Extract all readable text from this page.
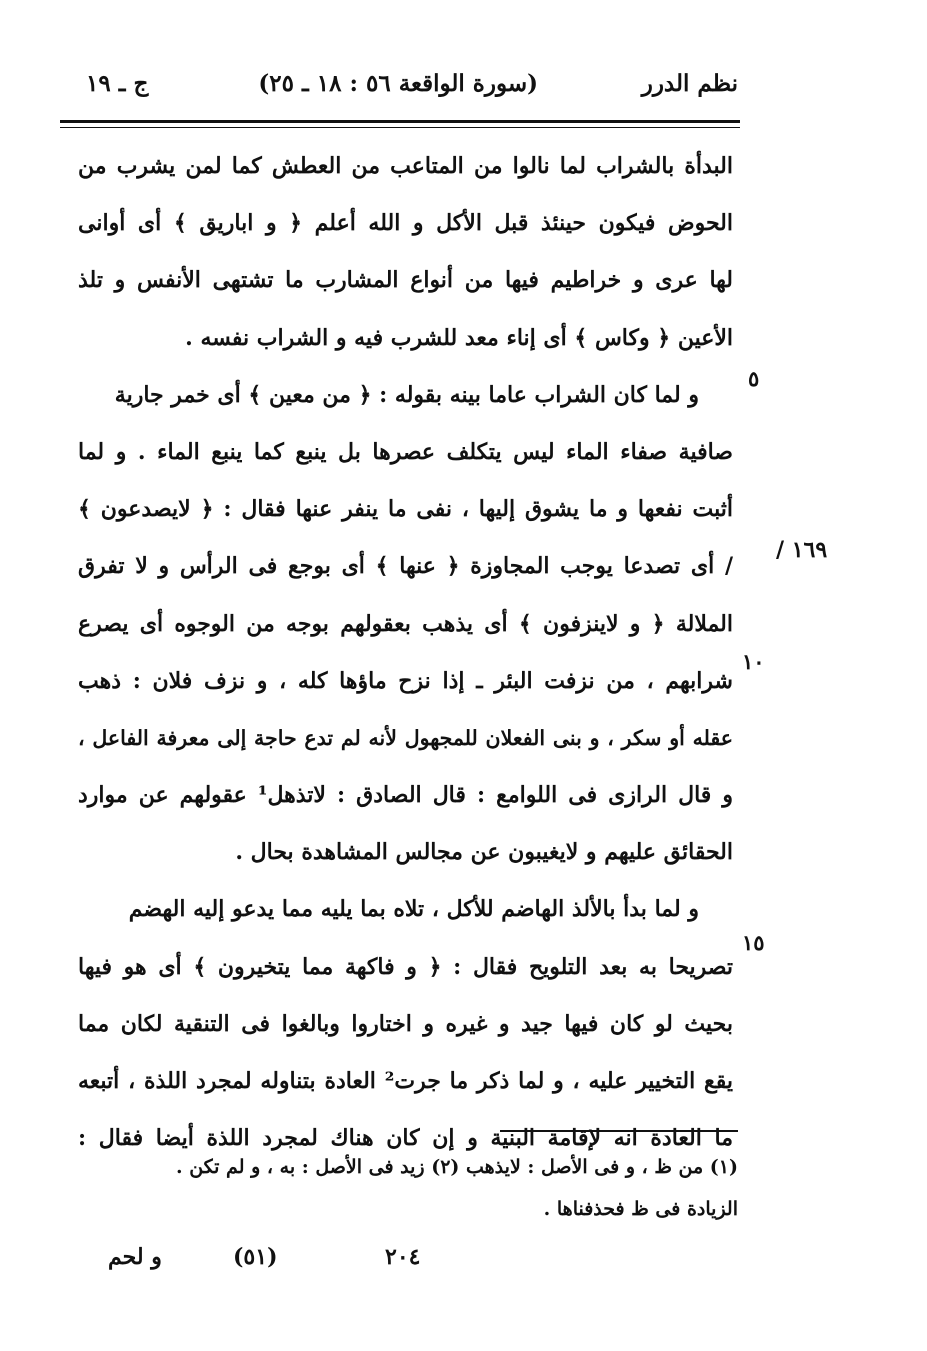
نظم الدرر
(سورة الواقعة ٥٦ : ١٨ ـ ٢٥)
ج ـ ١٩
٥
١٠
١٥
١٦٩ /
البدأة بالشراب لما نالوا من المتاعب من العطش كما لمن يشرب من
الحوض فيكون حينئذ قبل الأكل و الله أعلم ﴿ و اباريق ﴾ أى أوانى
لها عرى و خراطيم فيها من أنواع المشارب ما تشتهى الأنفس و تلذ
الأعين ﴿ وكاس ﴾ أى إناء معد للشرب فيه و الشراب نفسه .
و لما كان الشراب عاما بينه بقوله : ﴿ من معين ﴾ أى خمر جارية
صافية صفاء الماء ليس يتكلف عصرها بل ينبع كما ينبع الماء . و لما
أثبت نفعها و ما يشوق إليها ، نفى ما ينفر عنها فقال : ﴿ لايصدعون ﴾
/ أى تصدعا يوجب المجاوزة ﴿ عنها ﴾ أى بوجع فى الرأس و لا تفرق
الملالة ﴿ و لاينزفون ﴾ أى يذهب بعقولهم بوجه من الوجوه أى يصرع
شرابهم ، من نزفت البئر ـ إذا نزح ماؤها كله ، و نزف فلان : ذهب
عقله أو سكر ، و بنى الفعلان للمجهول لأنه لم تدع حاجة إلى معرفة الفاعل ،
و قال الرازى فى اللوامع : قال الصادق : لاتذهل¹ عقولهم عن موارد
الحقائق عليهم و لايغيبون عن مجالس المشاهدة بحال .
و لما بدأ بالألذ الهاضم للأكل ، تلاه بما يليه مما يدعو إليه الهضم
تصريحا به بعد التلويح فقال : ﴿ و فاكهة مما يتخيرون ﴾ أى هو فيها
بحيث لو كان فيها جيد و غيره و اختاروا وبالغوا فى التنقية لكان مما
يقع التخيير عليه ، و لما ذكر ما جرت² العادة بتناوله لمجرد اللذة ، أتبعه
ما العادة انه لإقامة البنية و إن كان هناك لمجرد اللذة أيضا فقال :
(١) من ظ ، و فى الأصل : لايذهب (٢) زيد فى الأصل : به ، و لم تكن .
الزيادة فى ظ فحذفناها .
٢٠٤
(٥١)
و لحم
